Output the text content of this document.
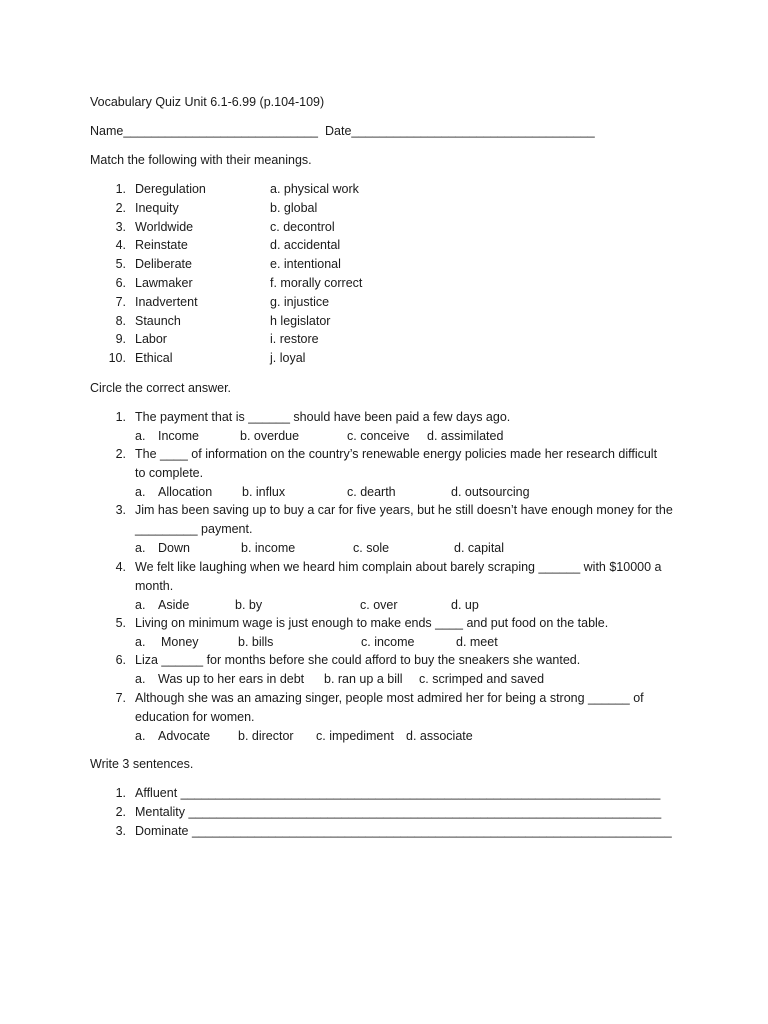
Vocabulary Quiz Unit 6.1-6.99 (p.104-109)
Name____________________________ Date___________________________________
Match the following with their meanings.
1. Deregulation	a. physical work
2. Inequity	b. global
3. Worldwide	c. decontrol
4. Reinstate	d. accidental
5. Deliberate	e. intentional
6. Lawmaker	f. morally correct
7. Inadvertent	g. injustice
8. Staunch	h legislator
9. Labor	i. restore
10. Ethical	j. loyal
Circle the correct answer.
1. The payment that is ______ should have been paid a few days ago.
a. Income	b. overdue	c. conceive d. assimilated
2. The ____ of information on the country’s renewable energy policies made her research difficult
to complete.
a. Allocation b. influx	c. dearth	d. outsourcing
3. Jim has been saving up to buy a car for five years, but he still doesn’t have enough money for the
_________ payment.
a. Down	b. income	c. sole	d. capital
4. We felt like laughing when we heard him complain about barely scraping ______ with $10000 a
month.
a. Aside	b. by	c. over	d. up
5. Living on minimum wage is just enough to make ends ____ and put food on the table.
a. Money	b. bills	c. income	d. meet
6. Liza ______ for months before she could afford to buy the sneakers she wanted.
a. Was up to her ears in debt b. ran up a bill c. scrimped and saved
7. Although she was an amazing singer, people most admired her for being a strong ______ of
education for women.
a. Advocate b. director c. impediment d. associate
Write 3 sentences.
1. Affluent _____________________________________________________________________
2. Mentality ____________________________________________________________________
3. Dominate _____________________________________________________________________
